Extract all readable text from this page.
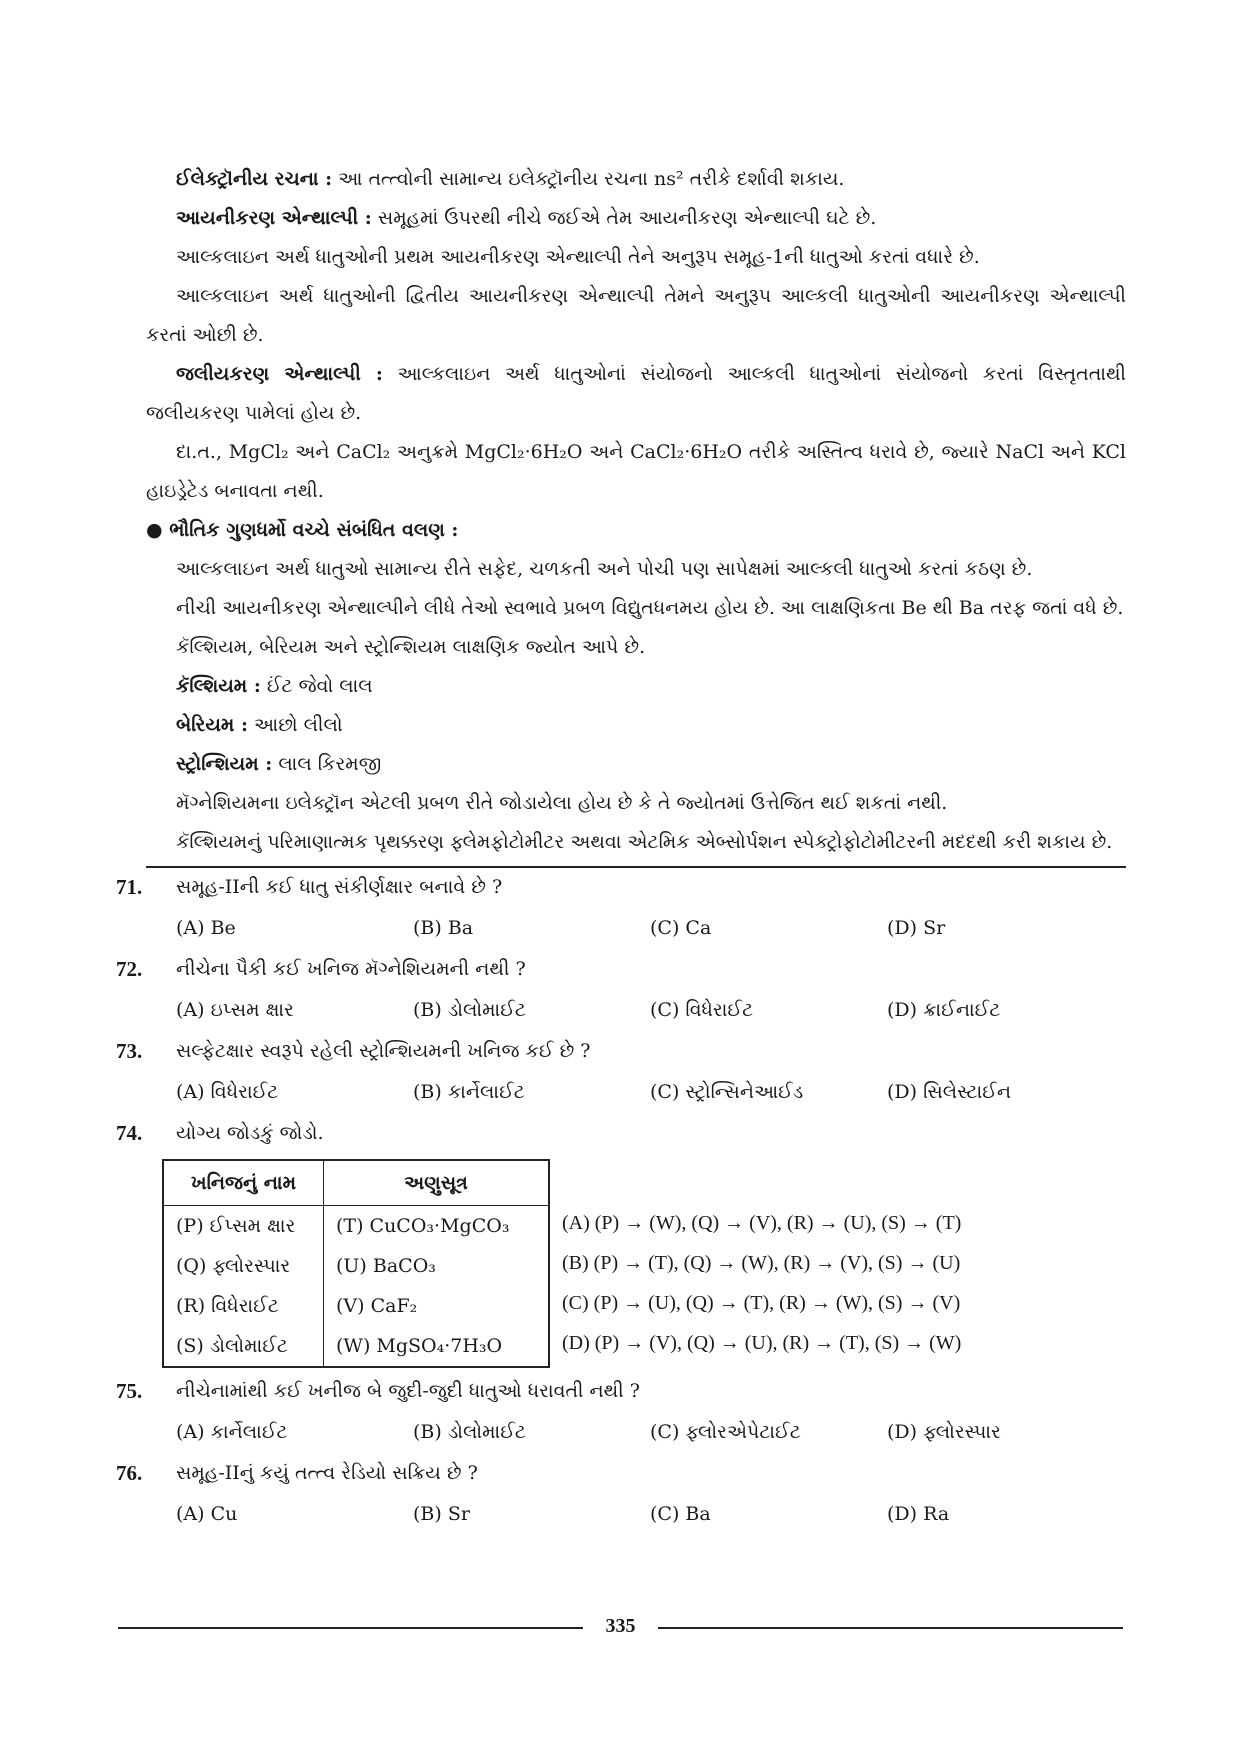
ઈલેક્ટ્રૉનીય રચના : આ તત્ત્વોની સામાન્ય ઇલેક્ટ્રૉનીય રચના ns² તરીકે દર્શાવી શકાય.

આયનીકરણ એન્થાલ્પી : સમૂહમાં ઉપરથી નીચે જઈએ તેમ આયનીકરણ એન્થાલ્પી ઘટે છે.

આલ્કલાઇન અર્થ ધાતુઓની પ્રથમ આયનીકરણ એન્થાલ્પી તેને અનુરૂપ સમૂહ-1ની ધાતુઓ કરતાં વધારે છે.

આલ્કલાઇન અર્થ ધાતુઓની દ્વિતીય આયનીકરણ એન્થાલ્પી તેમને અનુરૂપ આલ્કલી ધાતુઓની આયનીકરણ એન્થાલ્પી કરતાં ઓછી છે.

જલીયકરણ એન્થાલ્પી : આલ્કલાઇન અર્થ ધાતુઓનાં સંયોજનો આલ્કલી ધાતુઓનાં સંયોજનો કરતાં વિસ્તૃતતાથી જલીયકરણ પામેલાં હોય છે.

દા.ત., MgCl₂ અને CaCl₂ અનુક્રમે MgCl₂·6H₂O અને CaCl₂·6H₂O તરીકે અસ્તિત્વ ધરાવે છે, જ્યારે NaCl અને KCl હાઇડ્રેટેડ બનાવતા નથી.

● ભૌતિક ગુણધર્મો વચ્ચે સંબંધિત વલણ :

આલ્કલાઇન અર્થ ધાતુઓ સામાન્ય રીતે સફેદ, ચળકતી અને પોચી પણ સાપેક્ષમાં આલ્કલી ધાતુઓ કરતાં કઠણ છે.

નીચી આયનીકરણ એન્થાલ્પીને લીધે તેઓ સ્વભાવે પ્રબળ વિદ્યુતધનમય હોય છે. આ લાક્ષણિકતા Be થી Ba તરફ જતાં વધે છે.

કૅલ્શિયમ, બેરિયમ અને સ્ટ્રોન્શિયમ લાક્ષણિક જ્યોત આપે છે.

કૅલ્શિયમ : ઈંટ જેવો લાલ

બેરિયમ : આછો લીલો

સ્ટ્રોન્શિયમ : લાલ કિરમજી

મૅગ્નેશિયમના ઇલેક્ટ્રૉન એટલી પ્રબળ રીતે જોડાયેલા હોય છે કે તે જ્યોતમાં ઉત્તેજિત થઈ શકતાં નથી.

કૅલ્શિયમનું પરિમાણાત્મક પૃથક્કરણ ફ્લેમફોટોમીટર અથવા એટમિક એબ્સોર્પશન સ્પેક્ટ્રોફોટોમીટરની મદદથી કરી શકાય છે.

71.	સમૂહ-IIની કઈ ધાતુ સંકીર્ણક્ષાર બનાવે છે ?
(A) Be	(B) Ba	(C) Ca	(D) Sr
72.	નીચેના પૈકી કઈ ખનિજ મૅગ્નેશિયમની નથી ?
(A) ઇપ્સમ ક્ષાર	(B) ડોલોમાઈટ	(C) વિધેરાઈટ	(D) ક્રાઈનાઈટ
73.	સલ્ફેટક્ષાર સ્વરૂપે રહેલી સ્ટ્રોન્શિયમની ખનિજ કઈ છે ?
(A) વિધેરાઈટ	(B) કાર્નેલાઈટ	(C) સ્ટ્રોન્સિનેઆઈડ	(D) સિલેસ્ટાઈન
74.	યોગ્ય જોડકું જોડો.
ખનિજનું નામ	અણુસૂત્ર
(P) ઈપ્સમ ક્ષાર	(T) CuCO₃·MgCO₃
(Q) ફ્લોરસ્પાર	(U) BaCO₃
(R) વિધેરાઈટ	(V) CaF₂
(S) ડોલોમાઈટ	(W) MgSO₄·7H₃O
(A) (P) → (W), (Q) → (V), (R) → (U), (S) → (T)
(B) (P) → (T), (Q) → (W), (R) → (V), (S) → (U)
(C) (P) → (U), (Q) → (T), (R) → (W), (S) → (V)
(D) (P) → (V), (Q) → (U), (R) → (T), (S) → (W)
75.	નીચેનામાંથી કઈ ખનીજ બે જુદી-જુદી ધાતુઓ ધરાવતી નથી ?
(A) કાર્નેલાઈટ	(B) ડોલોમાઈટ	(C) ફ્લોરએપેટાઈટ	(D) ફ્લોરસ્પાર
76.	સમૂહ-IIનું કયું તત્ત્વ રેડિયો સક્રિય છે ?
(A) Cu	(B) Sr	(C) Ba	(D) Ra
335
